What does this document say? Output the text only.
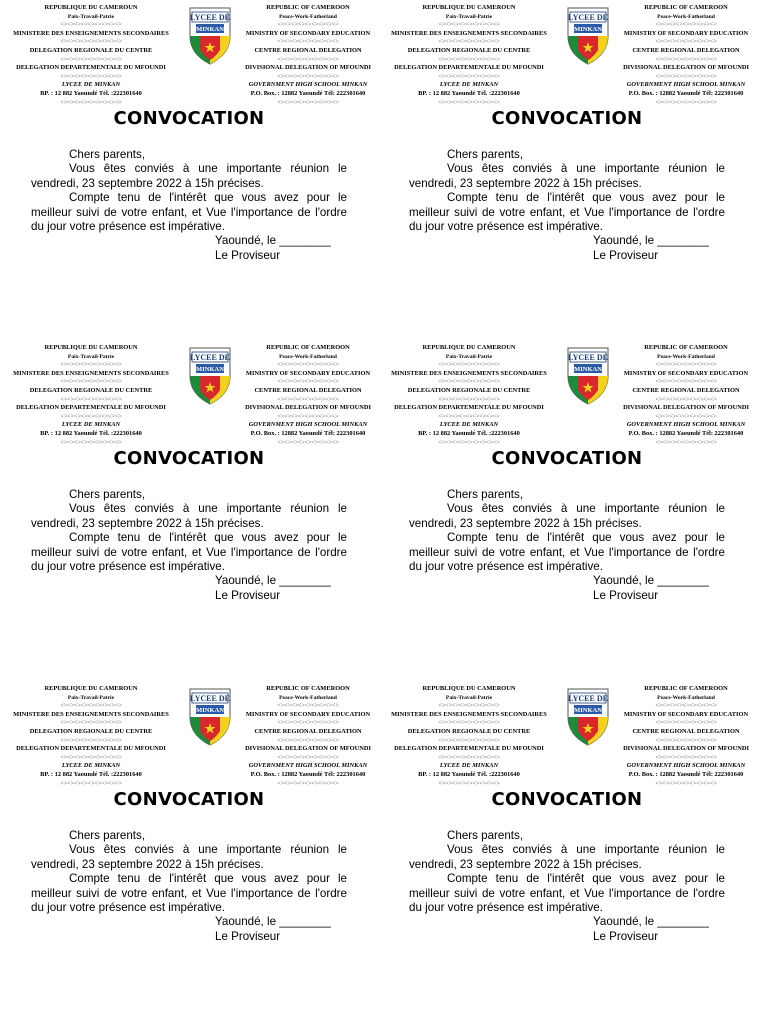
REPUBLIQUE DU CAMEROUN
Paix-Travail-Patrie
<><><><><><><><><>
MINISTERE DES ENSEIGNEMENTS SECONDAIRES
<><><><><><><><><>
DELEGATION REGIONALE DU CENTRE
<><><><><><><><><>
DELEGATION DEPARTEMENTALE DU MFOUNDI
<><><><><><><><><>
LYCEE DE MINKAN
BP. : 12 882 Yaoundé Tél. :222301640
<><><><><><><><><>
LYCEE DE
MINKAN
REPUBLIC OF CAMEROON
Peace-Work-Fatherland
<><><><><><><><><>
MINISTRY OF SECONDARY EDUCATION
<><><><><><><><><>
CENTRE REGIONAL DELEGATION
<><><><><><><><><>
DIVISIONAL DELEGATION OF MFOUNDI
<><><><><><><><><>
GOVERNMENT HIGH SCHOOL MINKAN
P.O. Box. : 12882 Yaoundé Tél: 222301640
<><><><><><><><><>
CONVOCATION

Chers parents,

Vous êtes conviés à une importante réunion le vendredi, 23 septembre 2022 à 15h précises.

Compte tenu de l'intérêt que vous avez pour le meilleur suivi de votre enfant, et Vue l'importance de l'ordre du jour votre présence est impérative.

Yaoundé, le ________

Le Proviseur

REPUBLIQUE DU CAMEROUN
Paix-Travail-Patrie
<><><><><><><><><>
MINISTERE DES ENSEIGNEMENTS SECONDAIRES
<><><><><><><><><>
DELEGATION REGIONALE DU CENTRE
<><><><><><><><><>
DELEGATION DEPARTEMENTALE DU MFOUNDI
<><><><><><><><><>
LYCEE DE MINKAN
BP. : 12 882 Yaoundé Tél. :222301640
<><><><><><><><><>
LYCEE DE
MINKAN
REPUBLIC OF CAMEROON
Peace-Work-Fatherland
<><><><><><><><><>
MINISTRY OF SECONDARY EDUCATION
<><><><><><><><><>
CENTRE REGIONAL DELEGATION
<><><><><><><><><>
DIVISIONAL DELEGATION OF MFOUNDI
<><><><><><><><><>
GOVERNMENT HIGH SCHOOL MINKAN
P.O. Box. : 12882 Yaoundé Tél: 222301640
<><><><><><><><><>
CONVOCATION

Chers parents,

Vous êtes conviés à une importante réunion le vendredi, 23 septembre 2022 à 15h précises.

Compte tenu de l'intérêt que vous avez pour le meilleur suivi de votre enfant, et Vue l'importance de l'ordre du jour votre présence est impérative.

Yaoundé, le ________

Le Proviseur

REPUBLIQUE DU CAMEROUN
Paix-Travail-Patrie
<><><><><><><><><>
MINISTERE DES ENSEIGNEMENTS SECONDAIRES
<><><><><><><><><>
DELEGATION REGIONALE DU CENTRE
<><><><><><><><><>
DELEGATION DEPARTEMENTALE DU MFOUNDI
<><><><><><><><><>
LYCEE DE MINKAN
BP. : 12 882 Yaoundé Tél. :222301640
<><><><><><><><><>
LYCEE DE
MINKAN
REPUBLIC OF CAMEROON
Peace-Work-Fatherland
<><><><><><><><><>
MINISTRY OF SECONDARY EDUCATION
<><><><><><><><><>
CENTRE REGIONAL DELEGATION
<><><><><><><><><>
DIVISIONAL DELEGATION OF MFOUNDI
<><><><><><><><><>
GOVERNMENT HIGH SCHOOL MINKAN
P.O. Box. : 12882 Yaoundé Tél: 222301640
<><><><><><><><><>
CONVOCATION

Chers parents,

Vous êtes conviés à une importante réunion le vendredi, 23 septembre 2022 à 15h précises.

Compte tenu de l'intérêt que vous avez pour le meilleur suivi de votre enfant, et Vue l'importance de l'ordre du jour votre présence est impérative.

Yaoundé, le ________

Le Proviseur

REPUBLIQUE DU CAMEROUN
Paix-Travail-Patrie
<><><><><><><><><>
MINISTERE DES ENSEIGNEMENTS SECONDAIRES
<><><><><><><><><>
DELEGATION REGIONALE DU CENTRE
<><><><><><><><><>
DELEGATION DEPARTEMENTALE DU MFOUNDI
<><><><><><><><><>
LYCEE DE MINKAN
BP. : 12 882 Yaoundé Tél. :222301640
<><><><><><><><><>
LYCEE DE
MINKAN
REPUBLIC OF CAMEROON
Peace-Work-Fatherland
<><><><><><><><><>
MINISTRY OF SECONDARY EDUCATION
<><><><><><><><><>
CENTRE REGIONAL DELEGATION
<><><><><><><><><>
DIVISIONAL DELEGATION OF MFOUNDI
<><><><><><><><><>
GOVERNMENT HIGH SCHOOL MINKAN
P.O. Box. : 12882 Yaoundé Tél: 222301640
<><><><><><><><><>
CONVOCATION

Chers parents,

Vous êtes conviés à une importante réunion le vendredi, 23 septembre 2022 à 15h précises.

Compte tenu de l'intérêt que vous avez pour le meilleur suivi de votre enfant, et Vue l'importance de l'ordre du jour votre présence est impérative.

Yaoundé, le ________

Le Proviseur

REPUBLIQUE DU CAMEROUN
Paix-Travail-Patrie
<><><><><><><><><>
MINISTERE DES ENSEIGNEMENTS SECONDAIRES
<><><><><><><><><>
DELEGATION REGIONALE DU CENTRE
<><><><><><><><><>
DELEGATION DEPARTEMENTALE DU MFOUNDI
<><><><><><><><><>
LYCEE DE MINKAN
BP. : 12 882 Yaoundé Tél. :222301640
<><><><><><><><><>
LYCEE DE
MINKAN
REPUBLIC OF CAMEROON
Peace-Work-Fatherland
<><><><><><><><><>
MINISTRY OF SECONDARY EDUCATION
<><><><><><><><><>
CENTRE REGIONAL DELEGATION
<><><><><><><><><>
DIVISIONAL DELEGATION OF MFOUNDI
<><><><><><><><><>
GOVERNMENT HIGH SCHOOL MINKAN
P.O. Box. : 12882 Yaoundé Tél: 222301640
<><><><><><><><><>
CONVOCATION

Chers parents,

Vous êtes conviés à une importante réunion le vendredi, 23 septembre 2022 à 15h précises.

Compte tenu de l'intérêt que vous avez pour le meilleur suivi de votre enfant, et Vue l'importance de l'ordre du jour votre présence est impérative.

Yaoundé, le ________

Le Proviseur

REPUBLIQUE DU CAMEROUN
Paix-Travail-Patrie
<><><><><><><><><>
MINISTERE DES ENSEIGNEMENTS SECONDAIRES
<><><><><><><><><>
DELEGATION REGIONALE DU CENTRE
<><><><><><><><><>
DELEGATION DEPARTEMENTALE DU MFOUNDI
<><><><><><><><><>
LYCEE DE MINKAN
BP. : 12 882 Yaoundé Tél. :222301640
<><><><><><><><><>
LYCEE DE
MINKAN
REPUBLIC OF CAMEROON
Peace-Work-Fatherland
<><><><><><><><><>
MINISTRY OF SECONDARY EDUCATION
<><><><><><><><><>
CENTRE REGIONAL DELEGATION
<><><><><><><><><>
DIVISIONAL DELEGATION OF MFOUNDI
<><><><><><><><><>
GOVERNMENT HIGH SCHOOL MINKAN
P.O. Box. : 12882 Yaoundé Tél: 222301640
<><><><><><><><><>
CONVOCATION

Chers parents,

Vous êtes conviés à une importante réunion le vendredi, 23 septembre 2022 à 15h précises.

Compte tenu de l'intérêt que vous avez pour le meilleur suivi de votre enfant, et Vue l'importance de l'ordre du jour votre présence est impérative.

Yaoundé, le ________

Le Proviseur
